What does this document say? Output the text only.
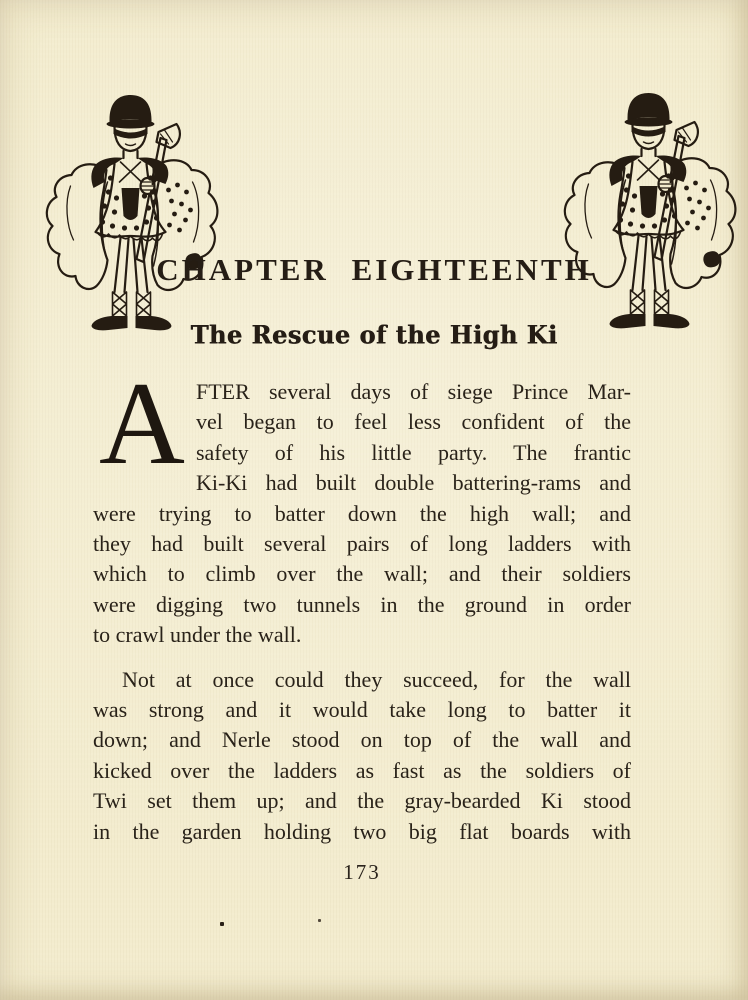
CHAPTER EIGHTEENTH
The Rescue of the High Ki
A FTER several days of siege Prince Mar-
vel began to feel less confident of the
safety of his little party. The frantic
Ki-Ki had built double battering-rams and
were trying to batter down the high wall; and
they had built several pairs of long ladders with
which to climb over the wall; and their soldiers
were digging two tunnels in the ground in order
to crawl under the wall.
Not at once could they succeed, for the wall
was strong and it would take long to batter it
down; and Nerle stood on top of the wall and
kicked over the ladders as fast as the soldiers of
Twi set them up; and the gray-bearded Ki stood
in the garden holding two big flat boards with
173
